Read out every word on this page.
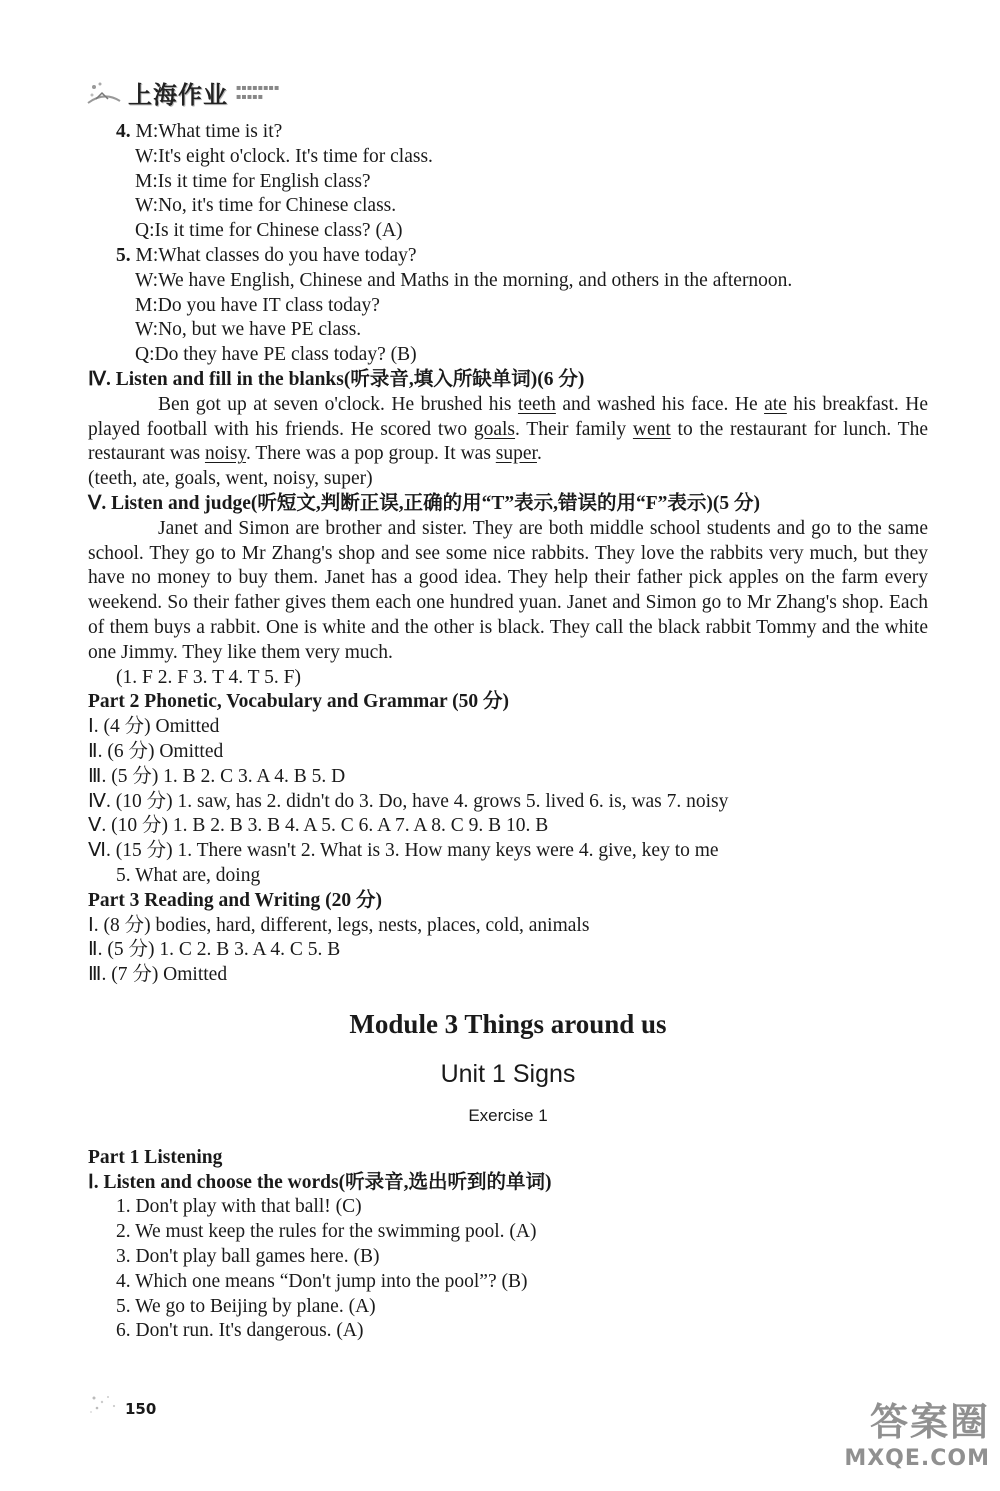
上海作业 ▪▪▪▪▪▪▪▪
▪▪▪▪▪
4. M:What time is it?
W:It's eight o'clock. It's time for class.
M:Is it time for English class?
W:No, it's time for Chinese class.
Q:Is it time for Chinese class? (A)
5. M:What classes do you have today?
W:We have English, Chinese and Maths in the morning, and others in the afternoon.
M:Do you have IT class today?
W:No, but we have PE class.
Q:Do they have PE class today? (B)
Ⅳ. Listen and fill in the blanks(听录音,填入所缺单词)(6 分)
Ben got up at seven o'clock. He brushed his teeth and washed his face. He ate his breakfast. He played football with his friends. He scored two goals. Their family went to the restaurant for lunch. The restaurant was noisy. There was a pop group. It was super.
(teeth, ate, goals, went, noisy, super)
Ⅴ. Listen and judge(听短文,判断正误,正确的用“T”表示,错误的用“F”表示)(5 分)
Janet and Simon are brother and sister. They are both middle school students and go to the same school. They go to Mr Zhang's shop and see some nice rabbits. They love the rabbits very much, but they have no money to buy them. Janet has a good idea. They help their father pick apples on the farm every weekend. So their father gives them each one hundred yuan. Janet and Simon go to Mr Zhang's shop. Each of them buys a rabbit. One is white and the other is black. They call the black rabbit Tommy and the white one Jimmy. They like them very much.
(1. F 2. F 3. T 4. T 5. F)
Part 2 Phonetic, Vocabulary and Grammar (50 分)
Ⅰ. (4 分) Omitted
Ⅱ. (6 分) Omitted
Ⅲ. (5 分) 1. B 2. C 3. A 4. B 5. D
Ⅳ. (10 分) 1. saw, has 2. didn't do 3. Do, have 4. grows 5. lived 6. is, was 7. noisy
Ⅴ. (10 分) 1. B 2. B 3. B 4. A 5. C 6. A 7. A 8. C 9. B 10. B
Ⅵ. (15 分) 1. There wasn't 2. What is 3. How many keys were 4. give, key to me
5. What are, doing
Part 3 Reading and Writing (20 分)
Ⅰ. (8 分) bodies, hard, different, legs, nests, places, cold, animals
Ⅱ. (5 分) 1. C 2. B 3. A 4. C 5. B
Ⅲ. (7 分) Omitted
Module 3 Things around us
Unit 1 Signs
Exercise 1
Part 1 Listening
Ⅰ. Listen and choose the words(听录音,选出听到的单词)
1. Don't play with that ball! (C)
2. We must keep the rules for the swimming pool. (A)
3. Don't play ball games here. (B)
4. Which one means “Don't jump into the pool”? (B)
5. We go to Beijing by plane. (A)
6. Don't run. It's dangerous. (A)
150	答案圈
MXQE.COM
